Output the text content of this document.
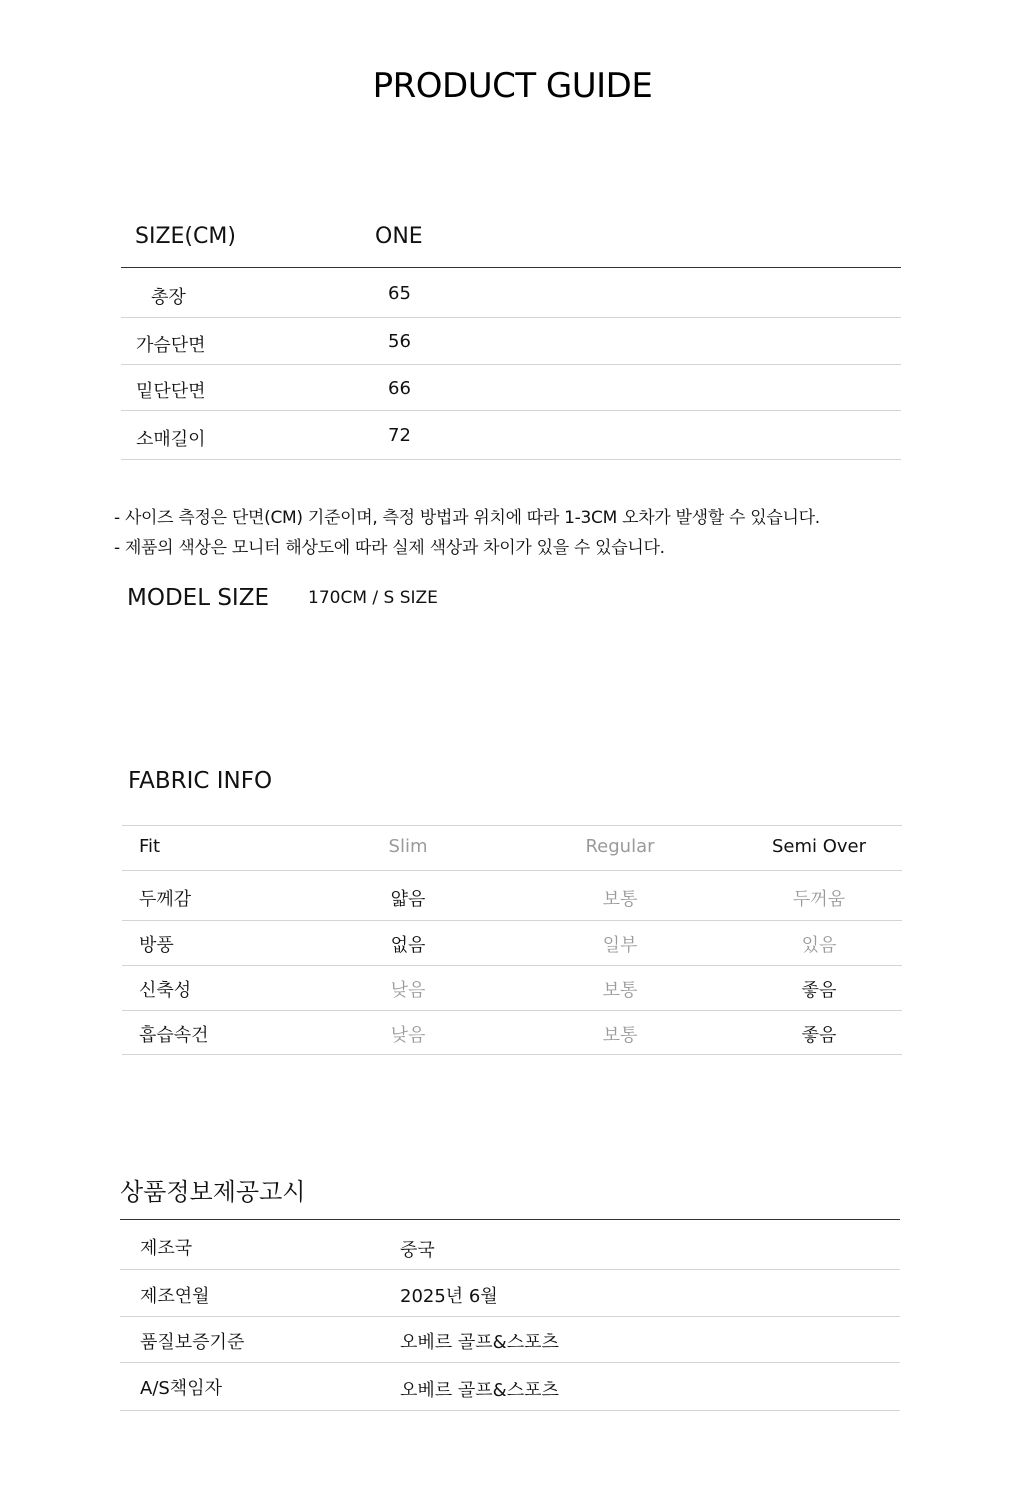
PRODUCT GUIDE
SIZE(CM)	ONE
총장	65
가슴단면	56
밑단단면	66
소매길이	72
- 사이즈 측정은 단면(CM) 기준이며, 측정 방법과 위치에 따라 1-3CM 오차가 발생할 수 있습니다.
- 제품의 색상은 모니터 해상도에 따라 실제 색상과 차이가 있을 수 있습니다.
MODEL SIZE 170CM / S SIZE
FABRIC INFO
Fit	Slim	Regular	Semi Over
두께감	얇음	보통	두꺼움
방풍	없음	일부	있음
신축성	낮음	보통	좋음
흡습속건	낮음	보통	좋음
상품정보제공고시
제조국	중국
제조연월	2025년 6월
품질보증기준	오베르 골프&스포츠
A/S책임자	오베르 골프&스포츠
